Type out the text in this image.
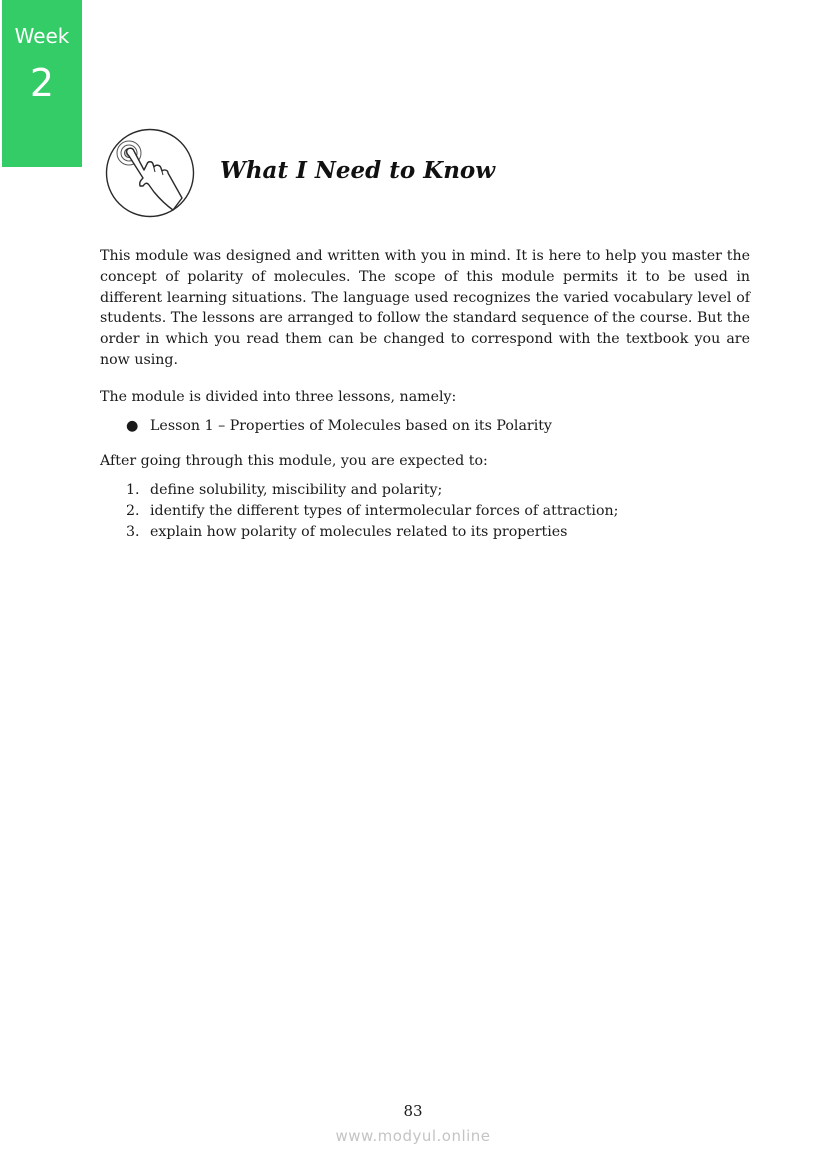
Week
2
What I Need to Know

This module was designed and written with you in mind. It is here to help you master the concept of polarity of molecules. The scope of this module permits it to be used in different learning situations. The language used recognizes the varied vocabulary level of students. The lessons are arranged to follow the standard sequence of the course. But the order in which you read them can be changed to correspond with the textbook you are now using.

The module is divided into three lessons, namely:

● Lesson 1 – Properties of Molecules based on its Polarity

After going through this module, you are expected to:

1. define solubility, miscibility and polarity;
2. identify the different types of intermolecular forces of attraction;
3. explain how polarity of molecules related to its properties
83
www.modyul.online
